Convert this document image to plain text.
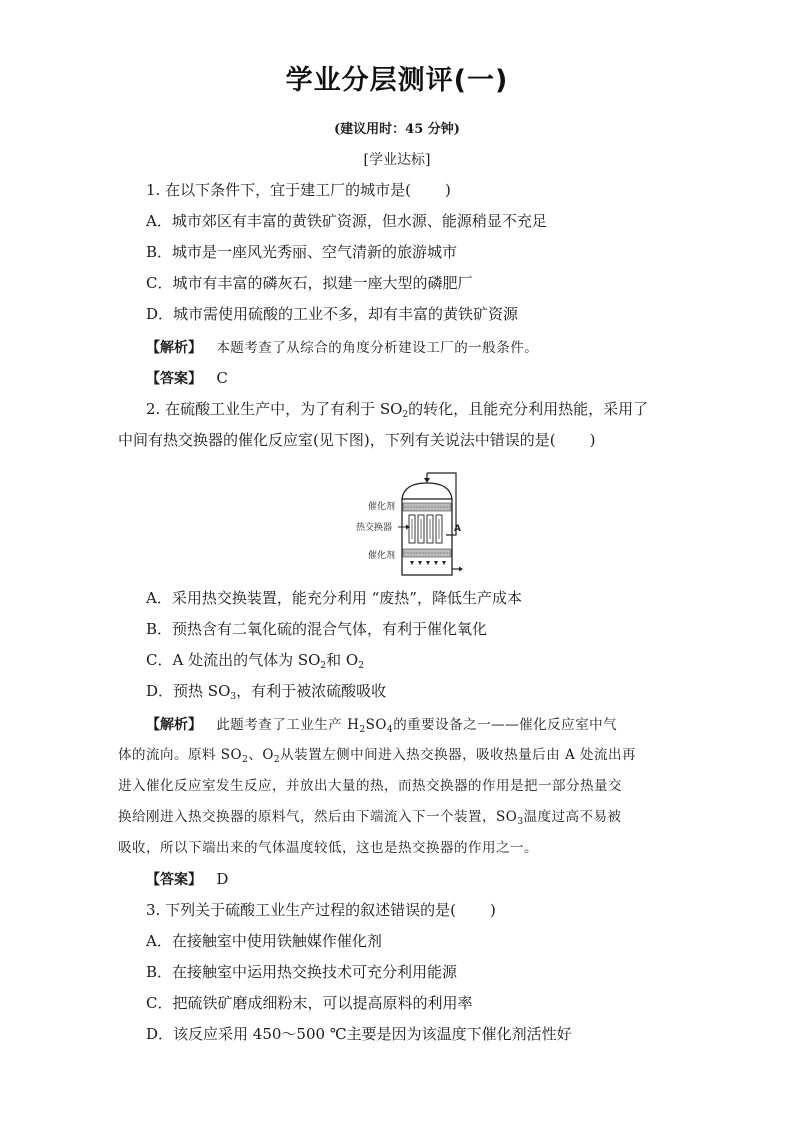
学业分层测评(一)
(建议用时：45 分钟)
[学业达标]
1. 在以下条件下，宜于建工厂的城市是( )
A．城市郊区有丰富的黄铁矿资源，但水源、能源稍显不充足
B．城市是一座风光秀丽、空气清新的旅游城市
C．城市有丰富的磷灰石，拟建一座大型的磷肥厂
D．城市需使用硫酸的工业不多，却有丰富的黄铁矿资源
【解析】 本题考查了从综合的角度分析建设工厂的一般条件。
【答案】 C
2. 在硫酸工业生产中，为了有利于 $SO_2$的转化，且能充分利用热能，采用了
中间有热交换器的催化反应室(见下图)，下列有关说法中错误的是( )
催化剂
热交换器
催化剂
A
A．采用热交换装置，能充分利用 “废热”，降低生产成本
B．预热含有二氧化硫的混合气体，有利于催化氧化
C．A 处流出的气体为 $SO_2$和 $O_2$
D．预热 $SO_3$，有利于被浓硫酸吸收
【解析】 此题考查了工业生产 $H_2SO_4$的重要设备之一——催化反应室中气
体的流向。原料 $SO_2$、$O_2$从装置左侧中间进入热交换器，吸收热量后由 A 处流出再
进入催化反应室发生反应，并放出大量的热，而热交换器的作用是把一部分热量交
换给刚进入热交换器的原料气，然后由下端流入下一个装置，$SO_3$温度过高不易被
吸收，所以下端出来的气体温度较低，这也是热交换器的作用之一。
【答案】 D
3. 下列关于硫酸工业生产过程的叙述错误的是( )
A．在接触室中使用铁触媒作催化剂
B．在接触室中运用热交换技术可充分利用能源
C．把硫铁矿磨成细粉末，可以提高原料的利用率
D．该反应采用 450～500 ℃主要是因为该温度下催化剂活性好
